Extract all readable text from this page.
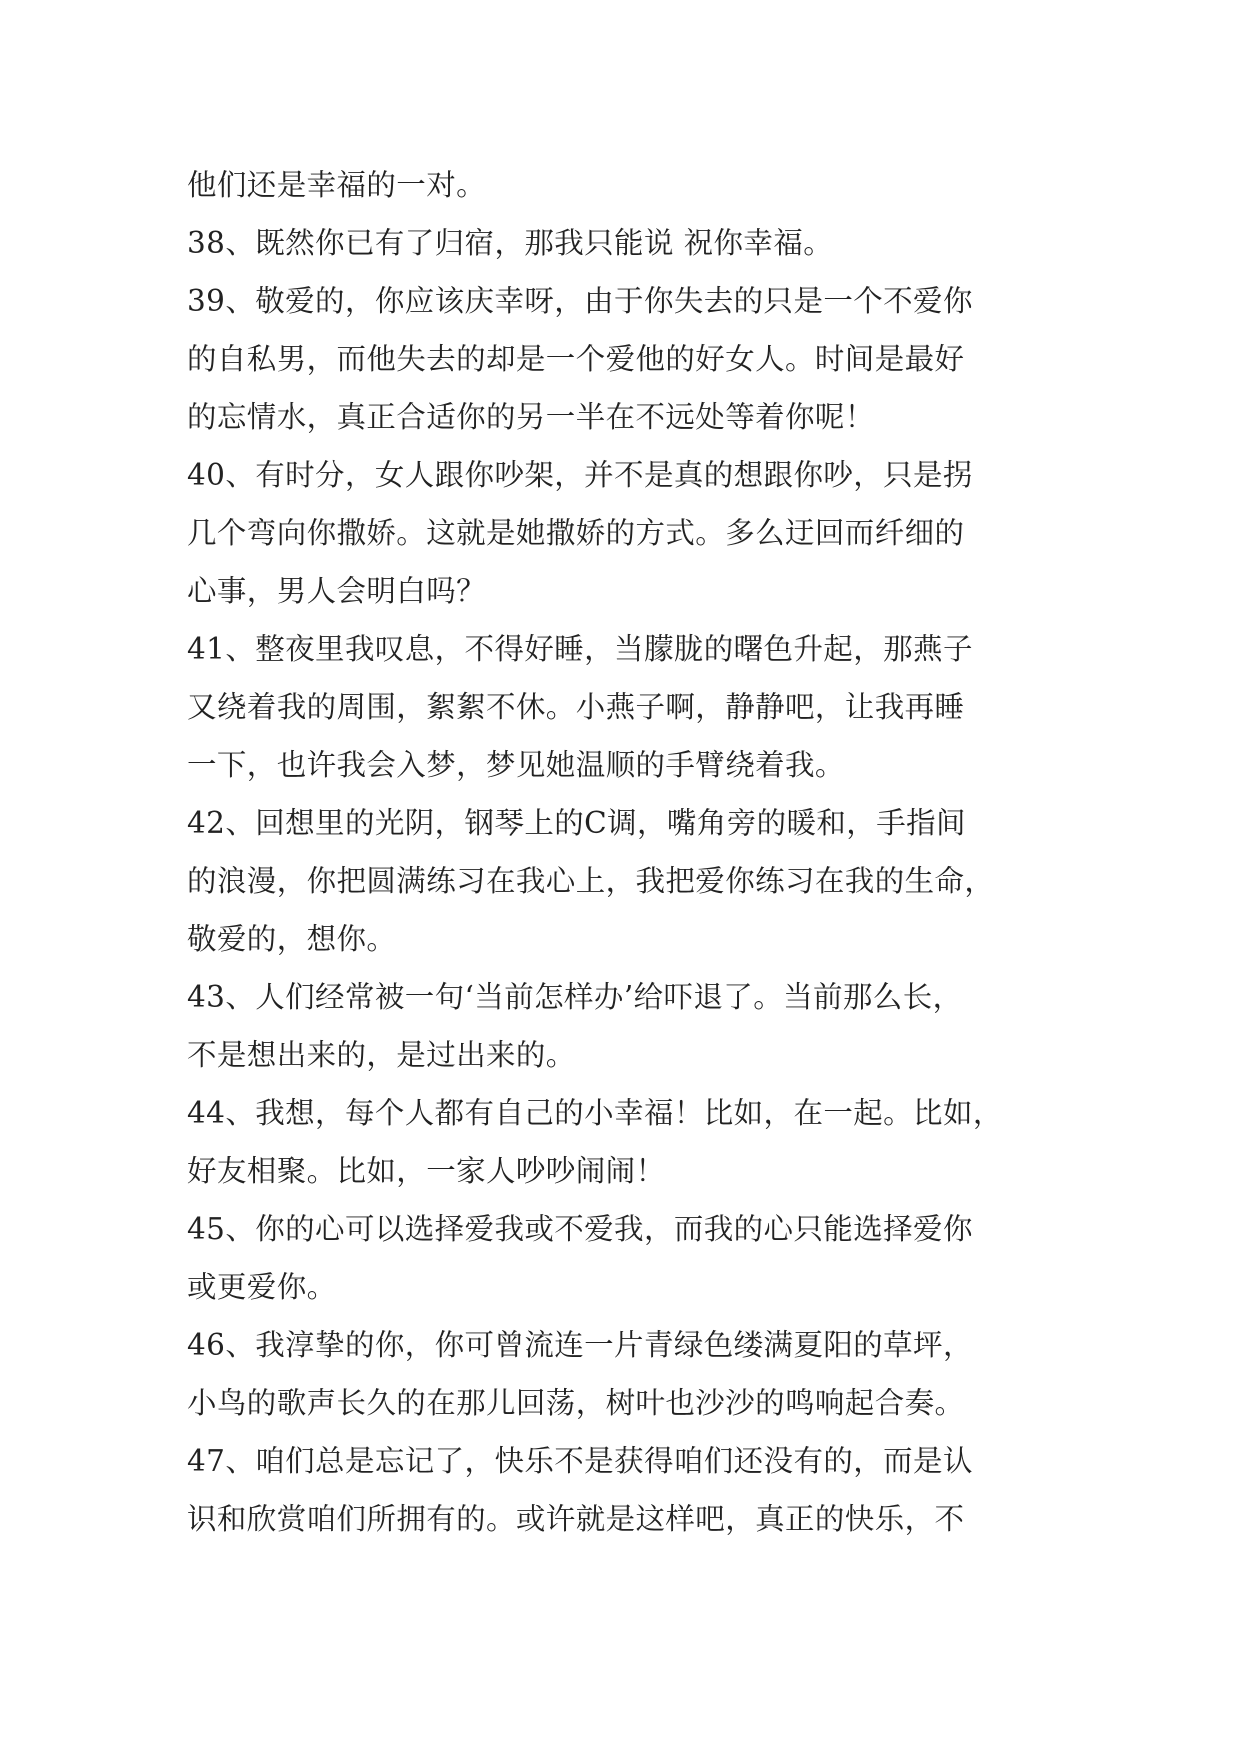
他们还是幸福的一对。
38、既然你已有了归宿，那我只能说 祝你幸福。
39、敬爱的，你应该庆幸呀，由于你失去的只是一个不爱你
的自私男，而他失去的却是一个爱他的好女人。时间是最好
的忘情水，真正合适你的另一半在不远处等着你呢！
40、有时分，女人跟你吵架，并不是真的想跟你吵，只是拐
几个弯向你撒娇。这就是她撒娇的方式。多么迂回而纤细的
心事，男人会明白吗？
41、整夜里我叹息，不得好睡，当朦胧的曙色升起，那燕子
又绕着我的周围，絮絮不休。小燕子啊，静静吧，让我再睡
一下，也许我会入梦，梦见她温顺的手臂绕着我。
42、回想里的光阴，钢琴上的C调，嘴角旁的暖和，手指间
的浪漫，你把圆满练习在我心上，我把爱你练习在我的生命，
敬爱的，想你。
43、人们经常被一句‘当前怎样办’给吓退了。当前那么长，
不是想出来的，是过出来的。
44、我想，每个人都有自己的小幸福！比如，在一起。比如，
好友相聚。比如，一家人吵吵闹闹！
45、你的心可以选择爱我或不爱我，而我的心只能选择爱你
或更爱你。
46、我淳挚的你，你可曾流连一片青绿色缕满夏阳的草坪，
小鸟的歌声长久的在那儿回荡，树叶也沙沙的鸣响起合奏。
47、咱们总是忘记了，快乐不是获得咱们还没有的，而是认
识和欣赏咱们所拥有的。或许就是这样吧，真正的快乐，不
